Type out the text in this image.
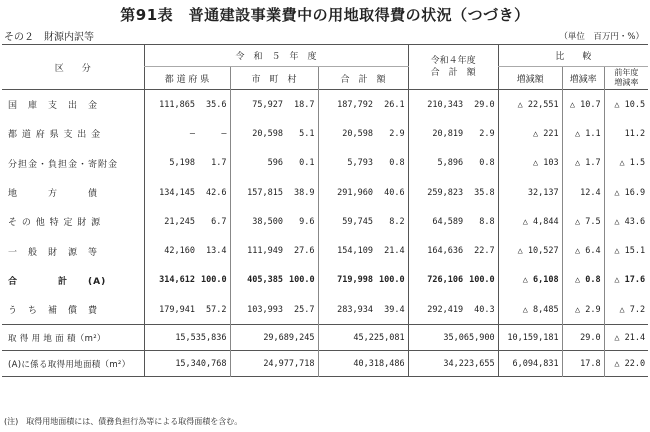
第91表　普通建設事業費中の用地取得費の状況（つづき）
その２　財源内訳等	（単位　百万円・%）
区　　分	令　和　５　年　度						令和４年度
合　計　額		比　　較		
	都 道 府 県		市　町　村		合　計　額				増減額	増減率	前年度
増減率
国　庫　支　出　金	111,865	35.6	75,927	18.7	187,792	26.1	210,343	29.0	△ 22,551	△ 10.7	△ 10.5
都 道 府 県 支 出 金	–	–	20,598	5.1	20,598	2.9	20,819	2.9	△ 221	△ 1.1	11.2
分担金・負担金・寄附金	5,198	1.7	596	0.1	5,793	0.8	5,896	0.8	△ 103	△ 1.7	△ 1.5
地　　　方　　　債	134,145	42.6	157,815	38.9	291,960	40.6	259,823	35.8	32,137	12.4	△ 16.9
そ の 他 特 定 財 源	21,245	6.7	38,500	9.6	59,745	8.2	64,589	8.8	△ 4,844	△ 7.5	△ 43.6
一　般　財　源　等	42,160	13.4	111,949	27.6	154,109	21.4	164,636	22.7	△ 10,527	△ 6.4	△ 15.1
合　　　　計　　(A)	314,612	100.0	405,385	100.0	719,998	100.0	726,106	100.0	△ 6,108	△ 0.8	△ 17.6
う　ち　補　償　費	179,941	57.2	103,993	25.7	283,934	39.4	292,419	40.3	△ 8,485	△ 2.9	△ 7.2
取 得 用 地 面 積（m²）	15,535,836		29,689,245		45,225,081		35,065,900		10,159,181	29.0	△ 21.4
(A)に係る取得用地面積（m²）	15,340,768		24,977,718		40,318,486		34,223,655		6,094,831	17.8	△ 22.0
(注)　取得用地面積には、債務負担行為等による取得面積を含む。
